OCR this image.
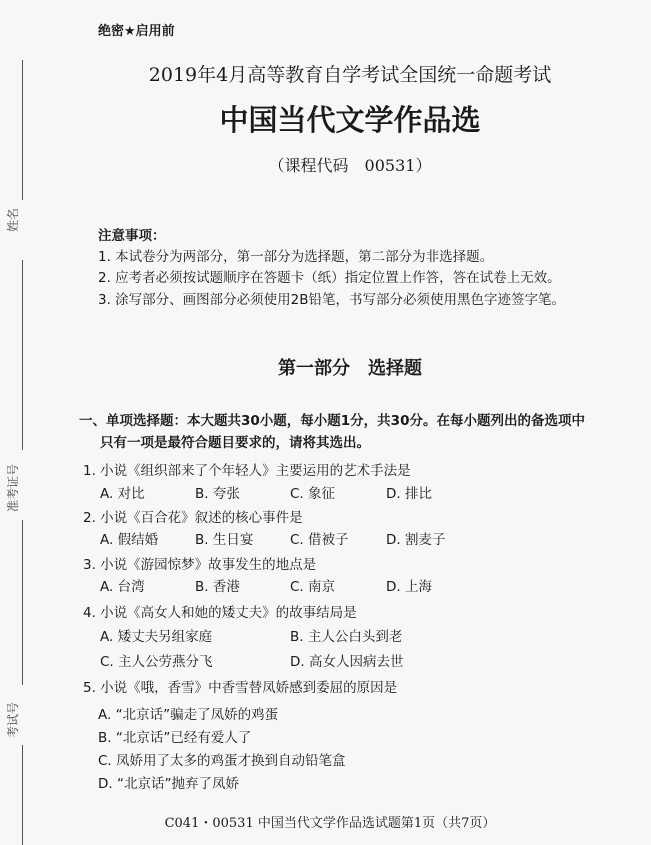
姓名
准考证号
考试号
绝密★启用前
2019年4月高等教育自学考试全国统一命题考试
中国当代文学作品选
（课程代码　00531）
注意事项：
1. 本试卷分为两部分，第一部分为选择题，第二部分为非选择题。
2. 应考者必须按试题顺序在答题卡（纸）指定位置上作答，答在试卷上无效。
3. 涂写部分、画图部分必须使用2B铅笔，书写部分必须使用黑色字迹签字笔。
第一部分　选择题
一、单项选择题：本大题共30小题，每小题1分，共30分。在每小题列出的备选项中
只有一项是最符合题目要求的，请将其选出。
1. 小说《组织部来了个年轻人》主要运用的艺术手法是
A. 对比	B. 夸张	C. 象征	D. 排比
2. 小说《百合花》叙述的核心事件是
A. 假结婚	B. 生日宴	C. 借被子	D. 割麦子
3. 小说《游园惊梦》故事发生的地点是
A. 台湾	B. 香港	C. 南京	D. 上海
4. 小说《高女人和她的矮丈夫》的故事结局是
A. 矮丈夫另组家庭	B. 主人公白头到老
C. 主人公劳燕分飞	D. 高女人因病去世
5. 小说《哦，香雪》中香雪替凤娇感到委屈的原因是
A. “北京话”骗走了凤娇的鸡蛋
B. “北京话”已经有爱人了
C. 凤娇用了太多的鸡蛋才换到自动铅笔盒
D. “北京话”抛弃了凤娇
C041・00531 中国当代文学作品选试题第1页（共7页）
